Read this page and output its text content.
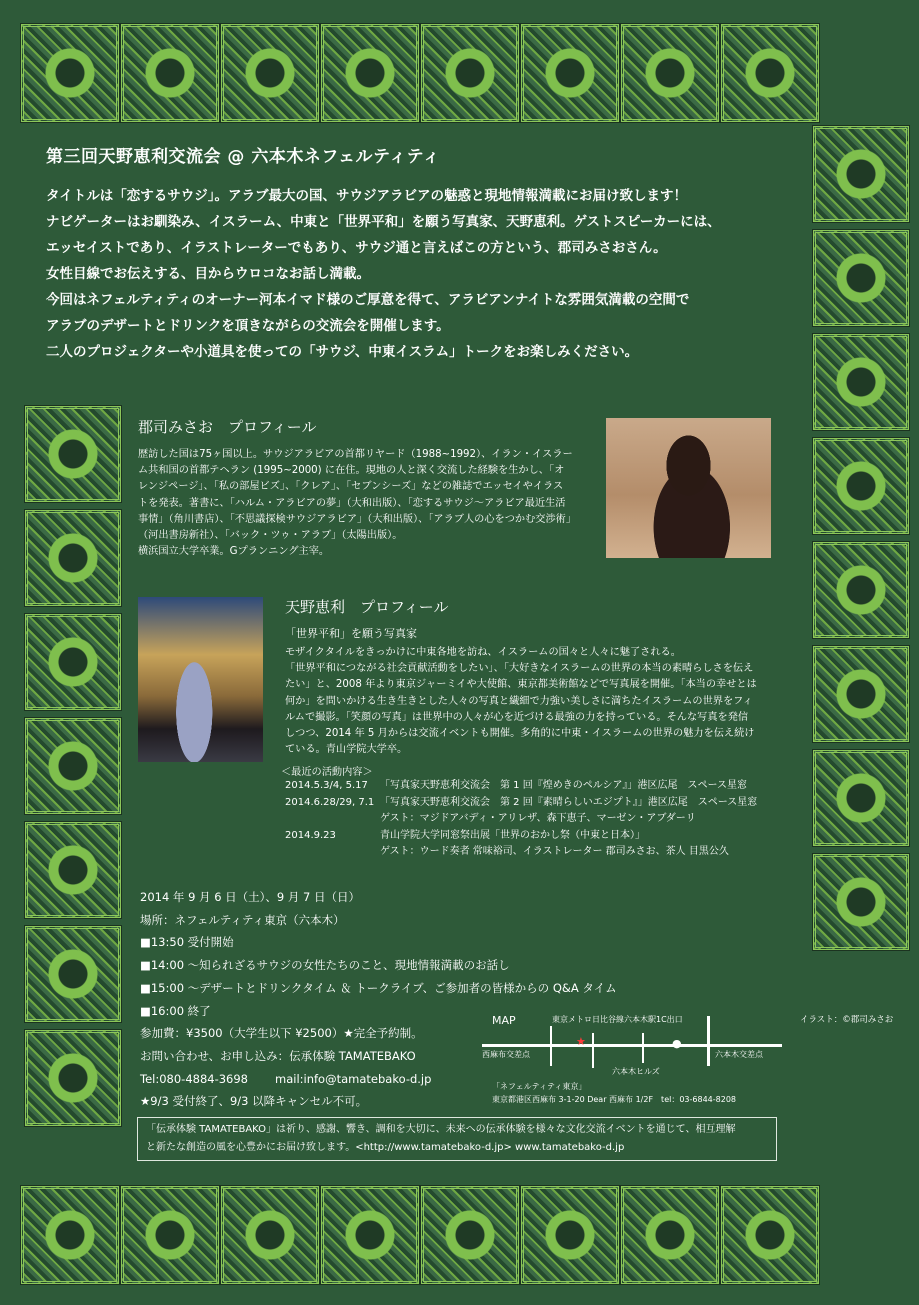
第三回天野恵利交流会 @ 六本木ネフェルティティ

タイトルは「恋するサウジ」。アラブ最大の国、サウジアラビアの魅惑と現地情報満載にお届け致します！

ナビゲーターはお馴染み、イスラーム、中東と「世界平和」を願う写真家、天野恵利。ゲストスピーカーには、

エッセイストであり、イラストレーターでもあり、サウジ通と言えばこの方という、郡司みさおさん。

女性目線でお伝えする、目からウロコなお話し満載。

今回はネフェルティティのオーナー河本イマド様のご厚意を得て、アラビアンナイトな雰囲気満載の空間で

アラブのデザートとドリンクを頂きながらの交流会を開催します。

二人のプロジェクターや小道具を使っての「サウジ、中東イスラム」トークをお楽しみください。

郡司みさお　プロフィール
歴訪した国は75ヶ国以上。サウジアラビアの首都リヤード（1988~1992）、イラン・イスラー
ム共和国の首都テヘラン (1995~2000) に在住。現地の人と深く交流した経験を生かし、「オ
レンジページ」、「私の部屋ビズ」、「クレア」、「セブンシーズ」などの雑誌でエッセイやイラス
トを発表。著書に、「ハルム・アラビアの夢」（大和出版）、「恋するサウジ～アラビア最近生活
事情」（角川書店）、「不思議探検サウジアラビア」（大和出版）、「アラブ人の心をつかむ交渉術」
（河出書房新社）、「バック・ツゥ・アラブ」（太陽出版）。
横浜国立大学卒業。Gプランニング主宰。
天野恵利　プロフィール
「世界平和」を願う写真家
モザイクタイルをきっかけに中東各地を訪ね、イスラームの国々と人々に魅了される。
「世界平和につながる社会貢献活動をしたい」、「大好きなイスラームの世界の本当の素晴らしさを伝え
たい」と、2008 年より東京ジャーミイや大使館、東京都美術館などで写真展を開催。「本当の幸せとは
何か」を問いかける生き生きとした人々の写真と繊細で力強い美しさに満ちたイスラームの世界をフィ
ルムで撮影。「笑顔の写真」は世界中の人々が心を近づける最強の力を持っている。そんな写真を発信
しつつ、2014 年 5 月からは交流イベントも開催。多角的に中東・イスラームの世界の魅力を伝え続け
ている。青山学院大学卒。
＜最近の活動内容＞
2014.5.3/4, 5.17	「写真家天野恵利交流会　第 1 回『煌めきのペルシア』」港区広尾　スペース星窓
2014.6.28/29, 7.1 「写真家天野恵利交流会　第 2 回『素晴らしいエジプト』」港区広尾　スペース星窓
ゲスト：マジドアバディ・アリレザ、森下恵子、マーゼン・アブダーリ
2014.9.23	青山学院大学同窓祭出展「世界のおかし祭（中東と日本）」
ゲスト：ウード奏者 常味裕司、イラストレーター 郡司みさお、茶人 目黒公久
2014 年 9 月 6 日（土）、9 月 7 日（日）
場所：ネフェルティティ東京（六本木）
■13:50 受付開始
■14:00 ～知られざるサウジの女性たちのこと、現地情報満載のお話し
■15:00 ～デザートとドリンクタイム ＆ トークライブ、ご参加者の皆様からの Q&A タイム
■16:00 終了
参加費：¥3500（大学生以下 ¥2500）★完全予約制。
お問い合わせ、お申し込み：伝承体験 TAMATEBAKO
Tel:080-4884-3698	mail:info@tamatebako-d.jp
★9/3 受付終了、9/3 以降キャンセル不可。
MAP	東京メトロ日比谷線六本木駅1C出口
★	●
西麻布交差点	六本木交差点
六本木ヒルズ
「ネフェルティティ東京」
東京都港区西麻布 3-1-20 Dear 西麻布 1/2F　tel：03-6844-8208
イラスト：©郡司みさお
「伝承体験 TAMATEBAKO」は祈り、感謝、響き、調和を大切に、未来への伝承体験を様々な文化交流イベントを通じて、相互理解
と新たな創造の風を心豊かにお届け致します。<http://www.tamatebako-d.jp> www.tamatebako-d.jp
